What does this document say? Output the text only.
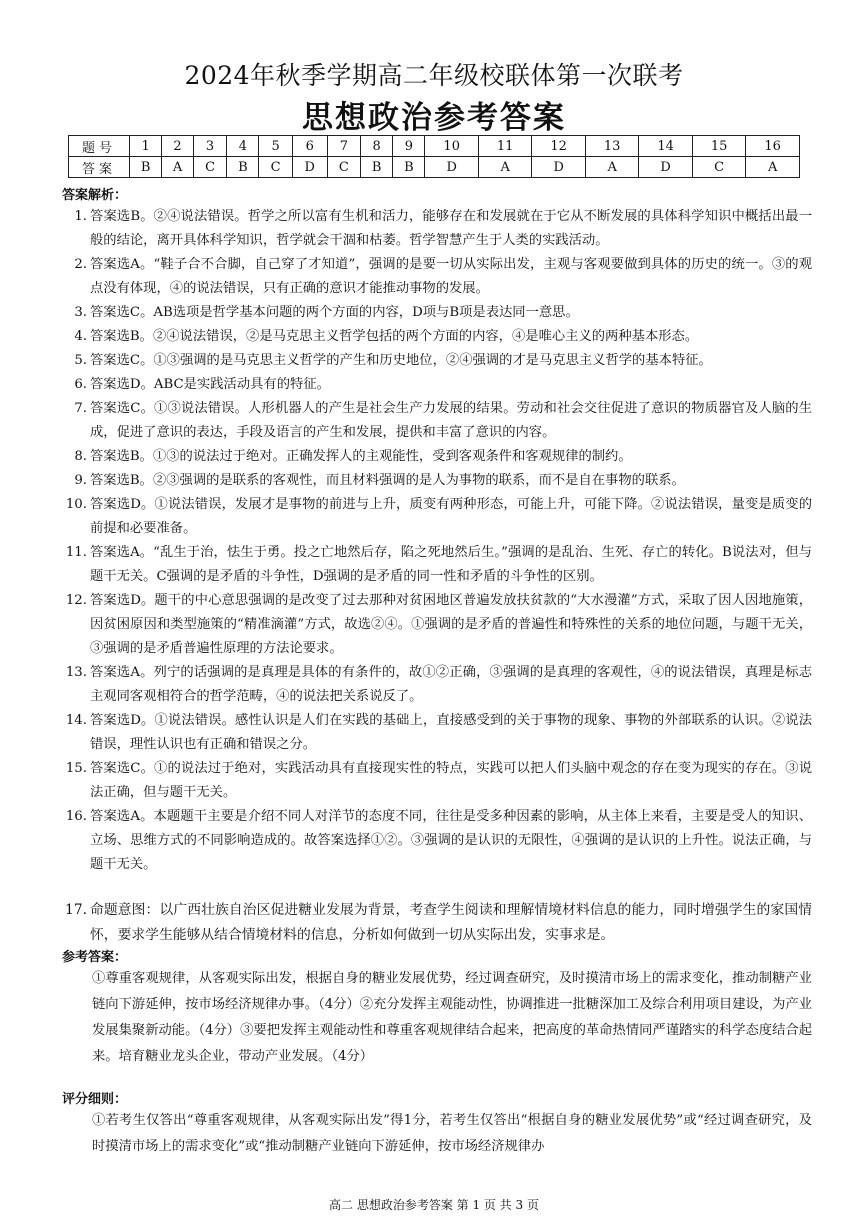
2024年秋季学期高二年级校联体第一次联考
思想政治参考答案
题号	1	2	3	4	5	6	7	8	9	10	11	12	13	14	15	16
答案	B	A	C	B	C	D	C	B	B	D	A	D	A	D	C	A
答案解析：
1. 答案选B。②④说法错误。哲学之所以富有生机和活力，能够存在和发展就在于它从不断发展的具体科学知识中概括出最一般的结论，离开具体科学知识，哲学就会干涸和枯萎。哲学智慧产生于人类的实践活动。
2. 答案选A。“鞋子合不合脚，自己穿了才知道”，强调的是要一切从实际出发，主观与客观要做到具体的历史的统一。③的观点没有体现，④的说法错误，只有正确的意识才能推动事物的发展。
3. 答案选C。AB选项是哲学基本问题的两个方面的内容，D项与B项是表达同一意思。
4. 答案选B。②④说法错误，②是马克思主义哲学包括的两个方面的内容，④是唯心主义的两种基本形态。
5. 答案选C。①③强调的是马克思主义哲学的产生和历史地位，②④强调的才是马克思主义哲学的基本特征。
6. 答案选D。ABC是实践活动具有的特征。
7. 答案选C。①③说法错误。人形机器人的产生是社会生产力发展的结果。劳动和社会交往促进了意识的物质器官及人脑的生成，促进了意识的表达，手段及语言的产生和发展，提供和丰富了意识的内容。
8. 答案选B。①③的说法过于绝对。正确发挥人的主观能性，受到客观条件和客观规律的制约。
9. 答案选B。②③强调的是联系的客观性，而且材料强调的是人为事物的联系，而不是自在事物的联系。
10. 答案选D。①说法错误，发展才是事物的前进与上升，质变有两种形态，可能上升，可能下降。②说法错误，量变是质变的前提和必要准备。
11. 答案选A。“乱生于治，怯生于勇。投之亡地然后存，陷之死地然后生。”强调的是乱治、生死、存亡的转化。B说法对，但与题干无关。C强调的是矛盾的斗争性，D强调的是矛盾的同一性和矛盾的斗争性的区别。
12. 答案选D。题干的中心意思强调的是改变了过去那种对贫困地区普遍发放扶贫款的“大水漫灌”方式，采取了因人因地施策，因贫困原因和类型施策的“精准滴灌”方式，故选②④。①强调的是矛盾的普遍性和特殊性的关系的地位问题，与题干无关，③强调的是矛盾普遍性原理的方法论要求。
13. 答案选A。列宁的话强调的是真理是具体的有条件的，故①②正确，③强调的是真理的客观性，④的说法错误，真理是标志主观同客观相符合的哲学范畴，④的说法把关系说反了。
14. 答案选D。①说法错误。感性认识是人们在实践的基础上，直接感受到的关于事物的现象、事物的外部联系的认识。②说法错误，理性认识也有正确和错误之分。
15. 答案选C。①的说法过于绝对，实践活动具有直接现实性的特点，实践可以把人们头脑中观念的存在变为现实的存在。③说法正确，但与题干无关。
16. 答案选A。本题题干主要是介绍不同人对洋节的态度不同，往往是受多种因素的影响，从主体上来看，主要是受人的知识、立场、思维方式的不同影响造成的。故答案选择①②。③强调的是认识的无限性，④强调的是认识的上升性。说法正确，与题干无关。
17. 命题意图：以广西壮族自治区促进糖业发展为背景，考查学生阅读和理解情境材料信息的能力，同时增强学生的家国情怀，要求学生能够从结合情境材料的信息，分析如何做到一切从实际出发，实事求是。
参考答案：
①尊重客观规律，从客观实际出发，根据自身的糖业发展优势，经过调查研究，及时摸清市场上的需求变化，推动制糖产业链向下游延伸，按市场经济规律办事。（4分）②充分发挥主观能动性，协调推进一批糖深加工及综合利用项目建设，为产业发展集聚新动能。（4分）③要把发挥主观能动性和尊重客观规律结合起来，把高度的革命热情同严谨踏实的科学态度结合起来。培育糖业龙头企业，带动产业发展。（4分）
评分细则：
①若考生仅答出“尊重客观规律，从客观实际出发”得1分，若考生仅答出“根据自身的糖业发展优势”或“经过调查研究，及时摸清市场上的需求变化”或“推动制糖产业链向下游延伸，按市场经济规律办
高二 思想政治参考答案 第 1 页 共 3 页
